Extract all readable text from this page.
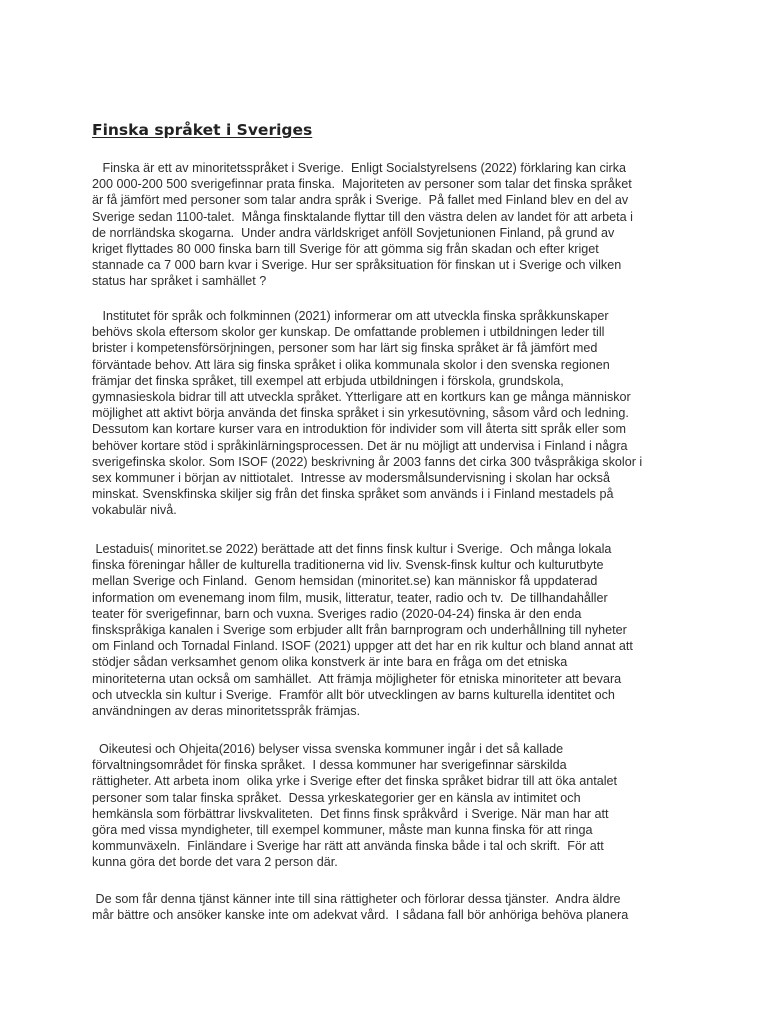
Finska språket i Sveriges
Finska är ett av minoritetsspråket i Sverige.  Enligt Socialstyrelsens (2022) förklaring kan cirka
200 000-200 500 sverigefinnar prata finska.  Majoriteten av personer som talar det finska språket
är få jämfört med personer som talar andra språk i Sverige.  På fallet med Finland blev en del av
Sverige sedan 1100-talet.  Många finsktalande flyttar till den västra delen av landet för att arbeta i
de norrländska skogarna.  Under andra världskriget anföll Sovjetunionen Finland, på grund av
kriget flyttades 80 000 finska barn till Sverige för att gömma sig från skadan och efter kriget
stannade ca 7 000 barn kvar i Sverige. Hur ser språksituation för finskan ut i Sverige och vilken
status har språket i samhället ?
Institutet för språk och folkminnen (2021) informerar om att utveckla finska språkkunskaper
behövs skola eftersom skolor ger kunskap. De omfattande problemen i utbildningen leder till
brister i kompetensförsörjningen, personer som har lärt sig finska språket är få jämfört med
förväntade behov. Att lära sig finska språket i olika kommunala skolor i den svenska regionen
främjar det finska språket, till exempel att erbjuda utbildningen i förskola, grundskola,
gymnasieskola bidrar till att utveckla språket. Ytterligare att en kortkurs kan ge många människor
möjlighet att aktivt börja använda det finska språket i sin yrkesutövning, såsom vård och ledning.
Dessutom kan kortare kurser vara en introduktion för individer som vill återta sitt språk eller som
behöver kortare stöd i språkinlärningsprocessen. Det är nu möjligt att undervisa i Finland i några
sverigefinska skolor. Som ISOF (2022) beskrivning år 2003 fanns det cirka 300 tvåspråkiga skolor i
sex kommuner i början av nittiotalet.  Intresse av modersmålsundervisning i skolan har också
minskat. Svenskfinska skiljer sig från det finska språket som används i i Finland mestadels på
vokabulär nivå.
Lestaduis( minoritet.se 2022) berättade att det finns finsk kultur i Sverige.  Och många lokala
finska föreningar håller de kulturella traditionerna vid liv. Svensk-finsk kultur och kulturutbyte
mellan Sverige och Finland.  Genom hemsidan (minoritet.se) kan människor få uppdaterad
information om evenemang inom film, musik, litteratur, teater, radio och tv.  De tillhandahåller
teater för sverigefinnar, barn och vuxna. Sveriges radio (2020-04-24) finska är den enda
finskspråkiga kanalen i Sverige som erbjuder allt från barnprogram och underhållning till nyheter
om Finland och Tornadal Finland. ISOF (2021) uppger att det har en rik kultur och bland annat att
stödjer sådan verksamhet genom olika konstverk är inte bara en fråga om det etniska
minoriteterna utan också om samhället.  Att främja möjligheter för etniska minoriteter att bevara
och utveckla sin kultur i Sverige.  Framför allt bör utvecklingen av barns kulturella identitet och
användningen av deras minoritetsspråk främjas.
Oikeutesi och Ohjeita(2016) belyser vissa svenska kommuner ingår i det så kallade
förvaltningsområdet för finska språket.  I dessa kommuner har sverigefinnar särskilda
rättigheter. Att arbeta inom  olika yrke i Sverige efter det finska språket bidrar till att öka antalet
personer som talar finska språket.  Dessa yrkeskategorier ger en känsla av intimitet och
hemkänsla som förbättrar livskvaliteten.  Det finns finsk språkvård  i Sverige. När man har att
göra med vissa myndigheter, till exempel kommuner, måste man kunna finska för att ringa
kommunväxeln.  Finländare i Sverige har rätt att använda finska både i tal och skrift.  För att
kunna göra det borde det vara 2 person där.
De som får denna tjänst känner inte till sina rättigheter och förlorar dessa tjänster.  Andra äldre
mår bättre och ansöker kanske inte om adekvat vård.  I sådana fall bör anhöriga behöva planera
